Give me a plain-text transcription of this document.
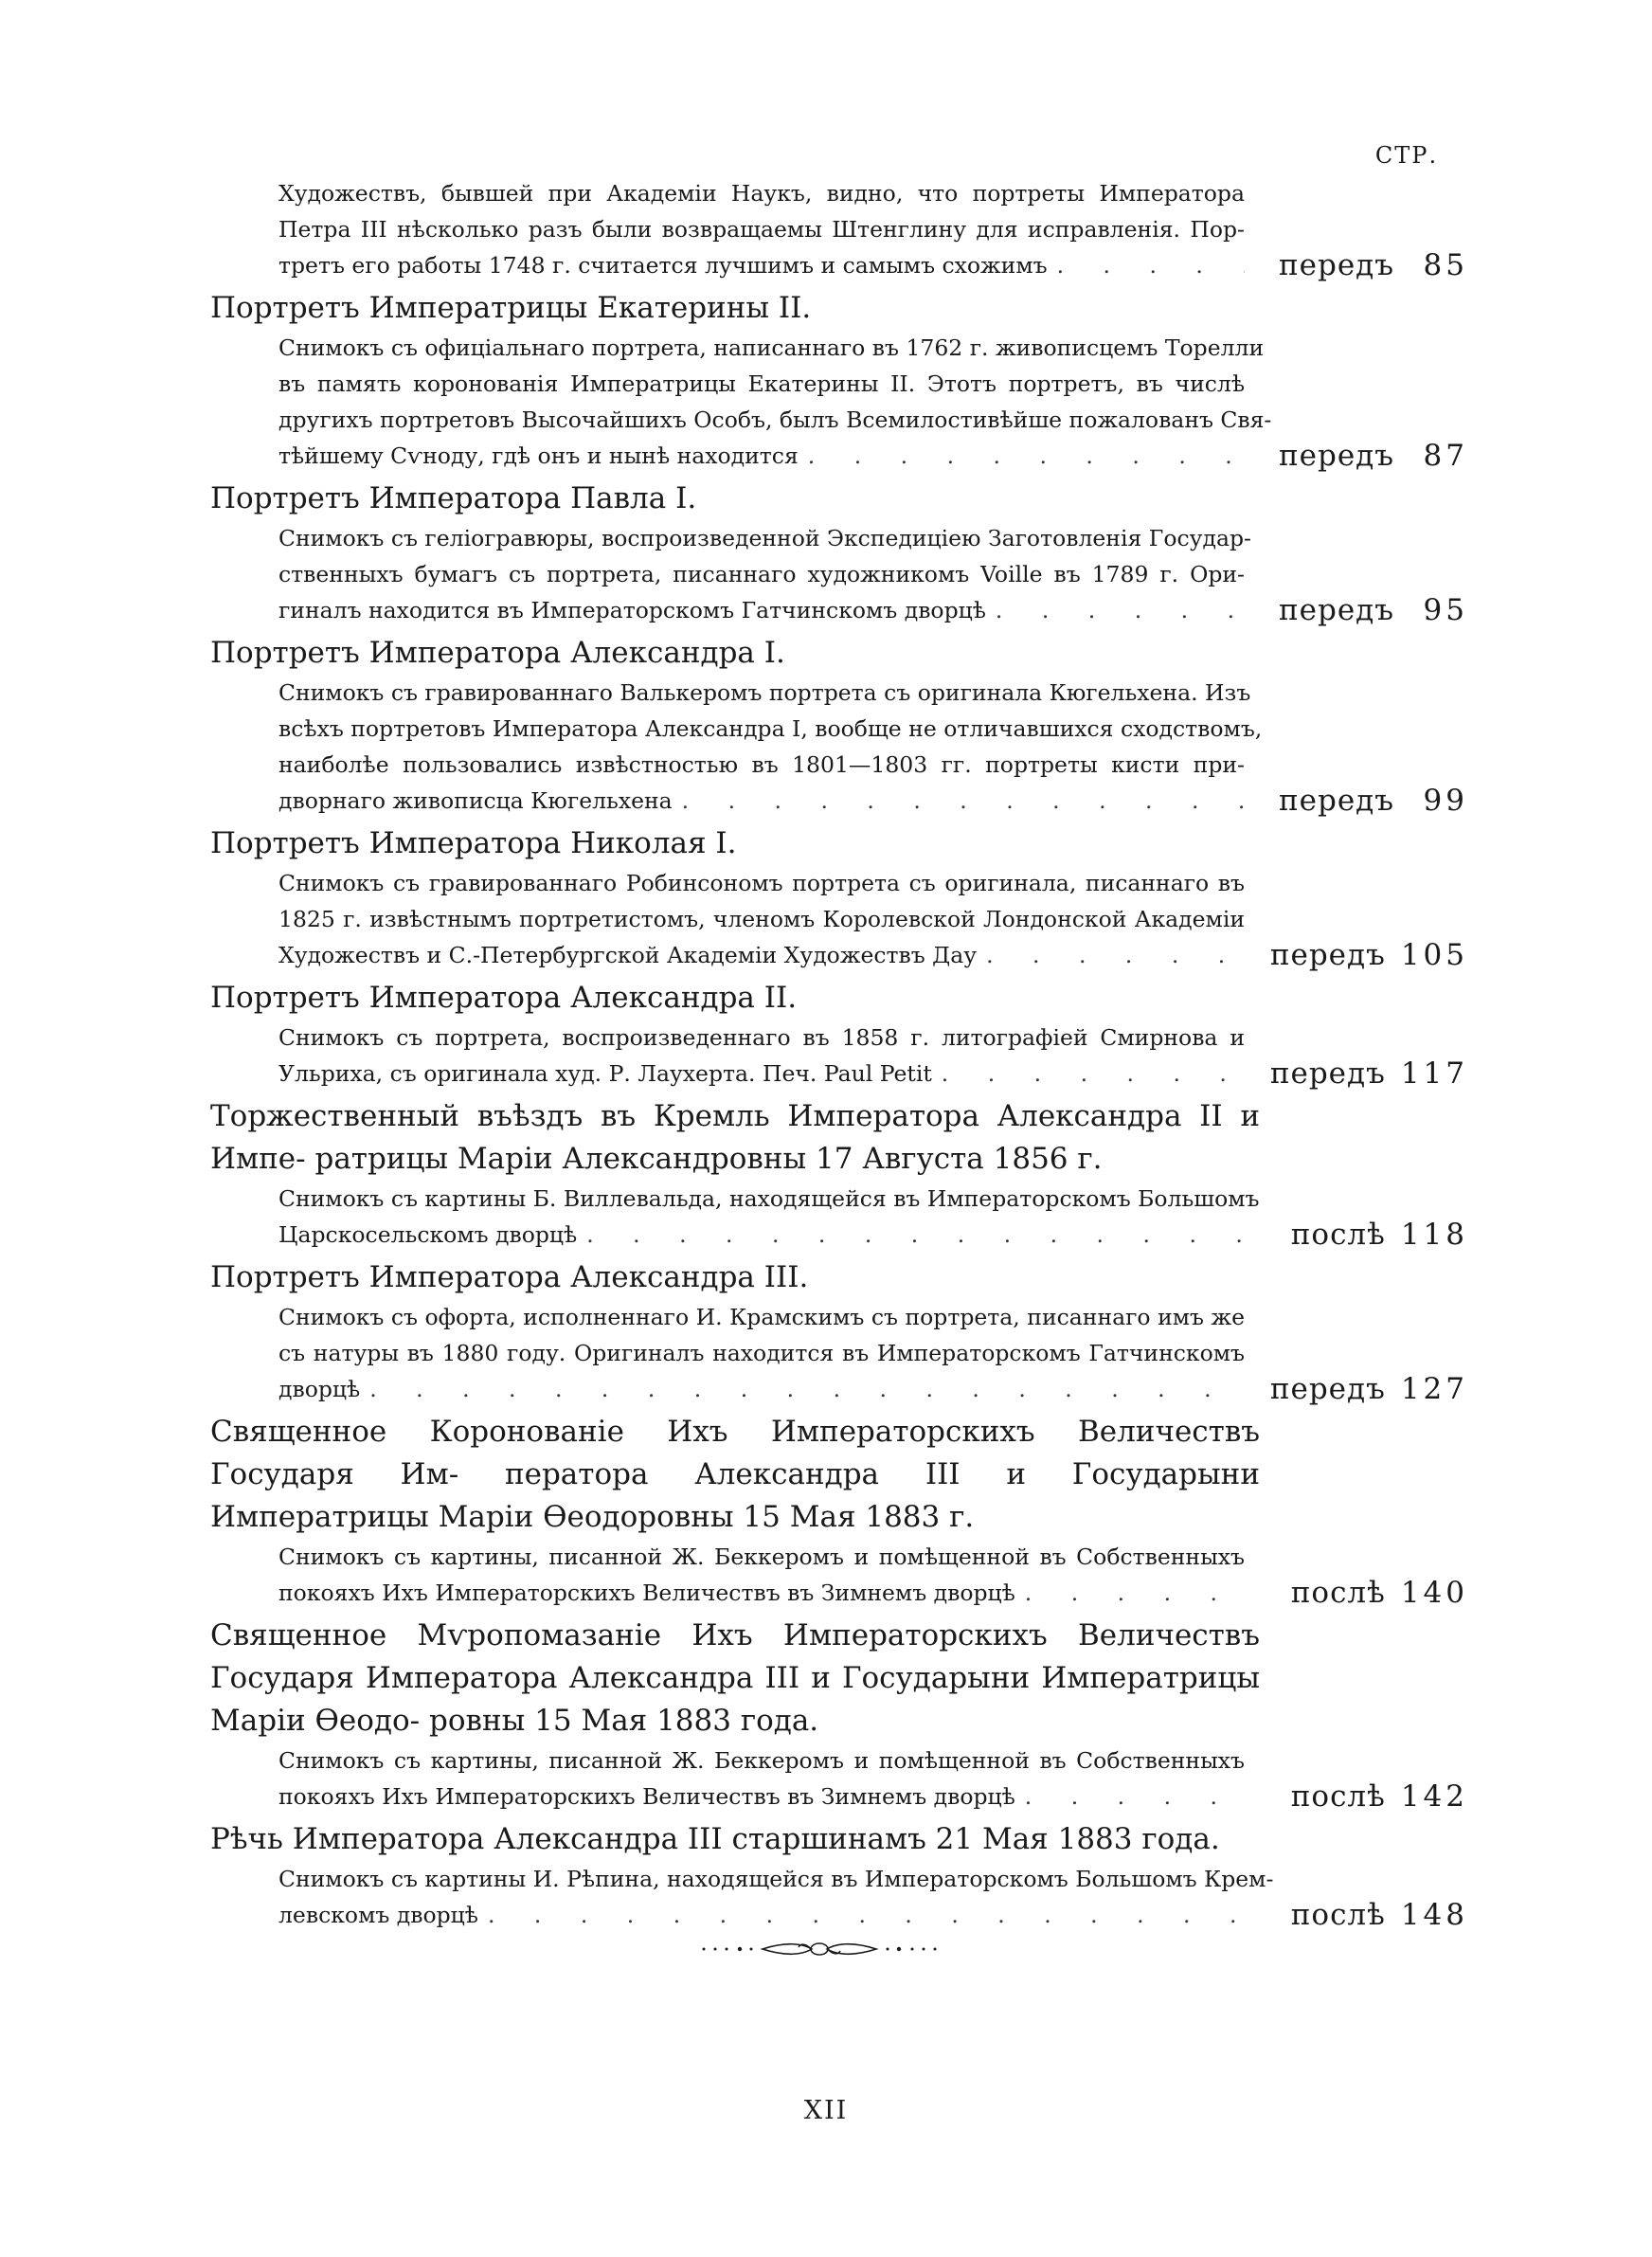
СТР.
Художествъ, бывшей при Академіи Наукъ, видно, что портреты Императора
Петра III нѣсколько разъ были возвращаемы Штенглину для исправленія. Пор-
третъ его работы 1748 г. считается лучшимъ и самымъ схожимъ . . .	передъ 85
Портретъ Императрицы Екатерины II.
Снимокъ съ офиціальнаго портрета, написаннаго въ 1762 г. живописцемъ Торелли
въ память коронованія Императрицы Екатерины II. Этотъ портретъ, въ числѣ
другихъ портретовъ Высочайшихъ Особъ, былъ Всемилостивѣйше пожалованъ Свя-
тѣйшему Сѵноду, гдѣ онъ и нынѣ находится . . .	передъ 87
Портретъ Императора Павла I.
Снимокъ съ геліогравюры, воспроизведенной Экспедиціею Заготовленія Государ-
ственныхъ бумагъ съ портрета, писаннаго художникомъ Voille въ 1789 г. Ори-
гиналъ находится въ Императорскомъ Гатчинскомъ дворцѣ . . .	передъ 95
Портретъ Императора Александра I.
Снимокъ съ гравированнаго Валькеромъ портрета съ оригинала Кюгельхена. Изъ
всѣхъ портретовъ Императора Александра I, вообще не отличавшихся сходствомъ,
наиболѣе пользовались извѣстностью въ 1801—1803 гг. портреты кисти при-
дворнаго живописца Кюгельхена . . .	передъ 99
Портретъ Императора Николая I.
Снимокъ съ гравированнаго Робинсономъ портрета съ оригинала, писаннаго въ
1825 г. извѣстнымъ портретистомъ, членомъ Королевской Лондонской Академіи
Художествъ и С.-Петербургской Академіи Художествъ Дау . . .	передъ 105
Портретъ Императора Александра II.
Снимокъ съ портрета, воспроизведеннаго въ 1858 г. литографіей Смирнова и
Ульриха, съ оригинала худ. Р. Лаухерта. Печ. Paul Petit . . .	передъ 117
Торжественный въѣздъ въ Кремль Императора Александра II и Импе- ратрицы Маріи Александровны 17 Августа 1856 г.
Снимокъ съ картины Б. Виллевальда, находящейся въ Императорскомъ Большомъ
Царскосельскомъ дворцѣ . . .	послѣ 118
Портретъ Императора Александра III.
Снимокъ съ офорта, исполненнаго И. Крамскимъ съ портрета, писаннаго имъ же
съ натуры въ 1880 году. Оригиналъ находится въ Императорскомъ Гатчинскомъ
дворцѣ . . .	передъ 127
Священное Коронованіе Ихъ Императорскихъ Величествъ Государя Им- ператора Александра III и Государыни Императрицы Маріи Ѳеодоровны 15 Мая 1883 г.
Снимокъ съ картины, писанной Ж. Беккеромъ и помѣщенной въ Собственныхъ
покояхъ Ихъ Императорскихъ Величествъ въ Зимнемъ дворцѣ . . .	послѣ 140
Священное Мѵропомазаніе Ихъ Императорскихъ Величествъ Государя Императора Александра III и Государыни Императрицы Маріи Ѳеодо- ровны 15 Мая 1883 года.
Снимокъ съ картины, писанной Ж. Беккеромъ и помѣщенной въ Собственныхъ
покояхъ Ихъ Императорскихъ Величествъ въ Зимнемъ дворцѣ . . .	послѣ 142
Рѣчь Императора Александра III старшинамъ 21 Мая 1883 года.
Снимокъ съ картины И. Рѣпина, находящейся въ Императорскомъ Большомъ Крем-
левскомъ дворцѣ . . .	послѣ 148
XII
